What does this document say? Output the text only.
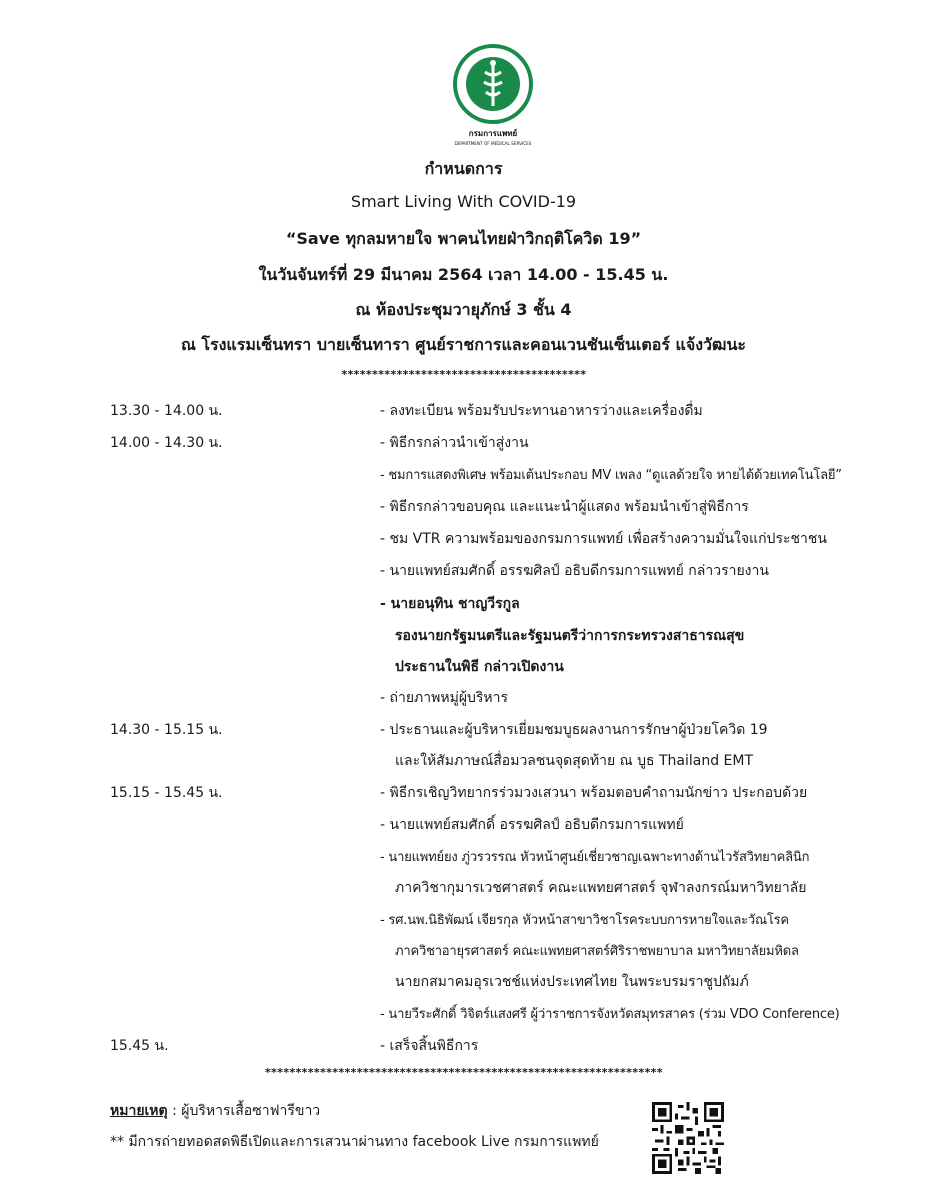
กรมการแพทย์
DEPARTMENT OF MEDICAL SERVICES
กำหนดการ
Smart Living With COVID-19
“Save ทุกลมหายใจ พาคนไทยฝ่าวิกฤติโควิด 19”
ในวันจันทร์ที่ 29 มีนาคม 2564 เวลา 14.00 - 15.45 น.
ณ ห้องประชุมวายุภักษ์ 3 ชั้น 4
ณ โรงแรมเซ็นทรา บายเซ็นทารา ศูนย์ราชการและคอนเวนชันเซ็นเตอร์ แจ้งวัฒนะ
****************************************
13.30 - 14.00 น.	- ลงทะเบียน พร้อมรับประทานอาหารว่างและเครื่องดื่ม
14.00 - 14.30 น.	- พิธีกรกล่าวนำเข้าสู่งาน
- ชมการแสดงพิเศษ พร้อมเต้นประกอบ MV เพลง “ดูแลด้วยใจ หายได้ด้วยเทคโนโลยี”
- พิธีกรกล่าวขอบคุณ และแนะนำผู้แสดง พร้อมนำเข้าสู่พิธีการ
- ชม VTR ความพร้อมของกรมการแพทย์ เพื่อสร้างความมั่นใจแก่ประชาชน
- นายแพทย์สมศักดิ์ อรรฆศิลป์ อธิบดีกรมการแพทย์ กล่าวรายงาน
- นายอนุทิน ชาญวีรกูล
รองนายกรัฐมนตรีและรัฐมนตรีว่าการกระทรวงสาธารณสุข
ประธานในพิธี กล่าวเปิดงาน
- ถ่ายภาพหมู่ผู้บริหาร
14.30 - 15.15 น.	- ประธานและผู้บริหารเยี่ยมชมบูธผลงานการรักษาผู้ป่วยโควิด 19
และให้สัมภาษณ์สื่อมวลชนจุดสุดท้าย ณ บูธ Thailand EMT
15.15 - 15.45 น.	- พิธีกรเชิญวิทยากรร่วมวงเสวนา พร้อมตอบคำถามนักข่าว ประกอบด้วย
- นายแพทย์สมศักดิ์ อรรฆศิลป์ อธิบดีกรมการแพทย์
- นายแพทย์ยง ภู่วรวรรณ หัวหน้าศูนย์เชี่ยวชาญเฉพาะทางด้านไวรัสวิทยาคลินิก
ภาควิชากุมารเวชศาสตร์ คณะแพทยศาสตร์ จุฬาลงกรณ์มหาวิทยาลัย
- รศ.นพ.นิธิพัฒน์ เจียรกุล หัวหน้าสาขาวิชาโรคระบบการหายใจและวัณโรค
ภาควิชาอายุรศาสตร์ คณะแพทยศาสตร์ศิริราชพยาบาล มหาวิทยาลัยมหิดล
นายกสมาคมอุรเวชช์แห่งประเทศไทย ในพระบรมราชูปถัมภ์
- นายวีระศักดิ์ วิจิตร์แสงศรี ผู้ว่าราชการจังหวัดสมุทรสาคร (ร่วม VDO Conference)
15.45 น.	- เสร็จสิ้นพิธีการ
*****************************************************************
หมายเหตุ : ผู้บริหารเสื้อซาฟารีขาว
** มีการถ่ายทอดสดพิธีเปิดและการเสวนาผ่านทาง facebook Live กรมการแพทย์
